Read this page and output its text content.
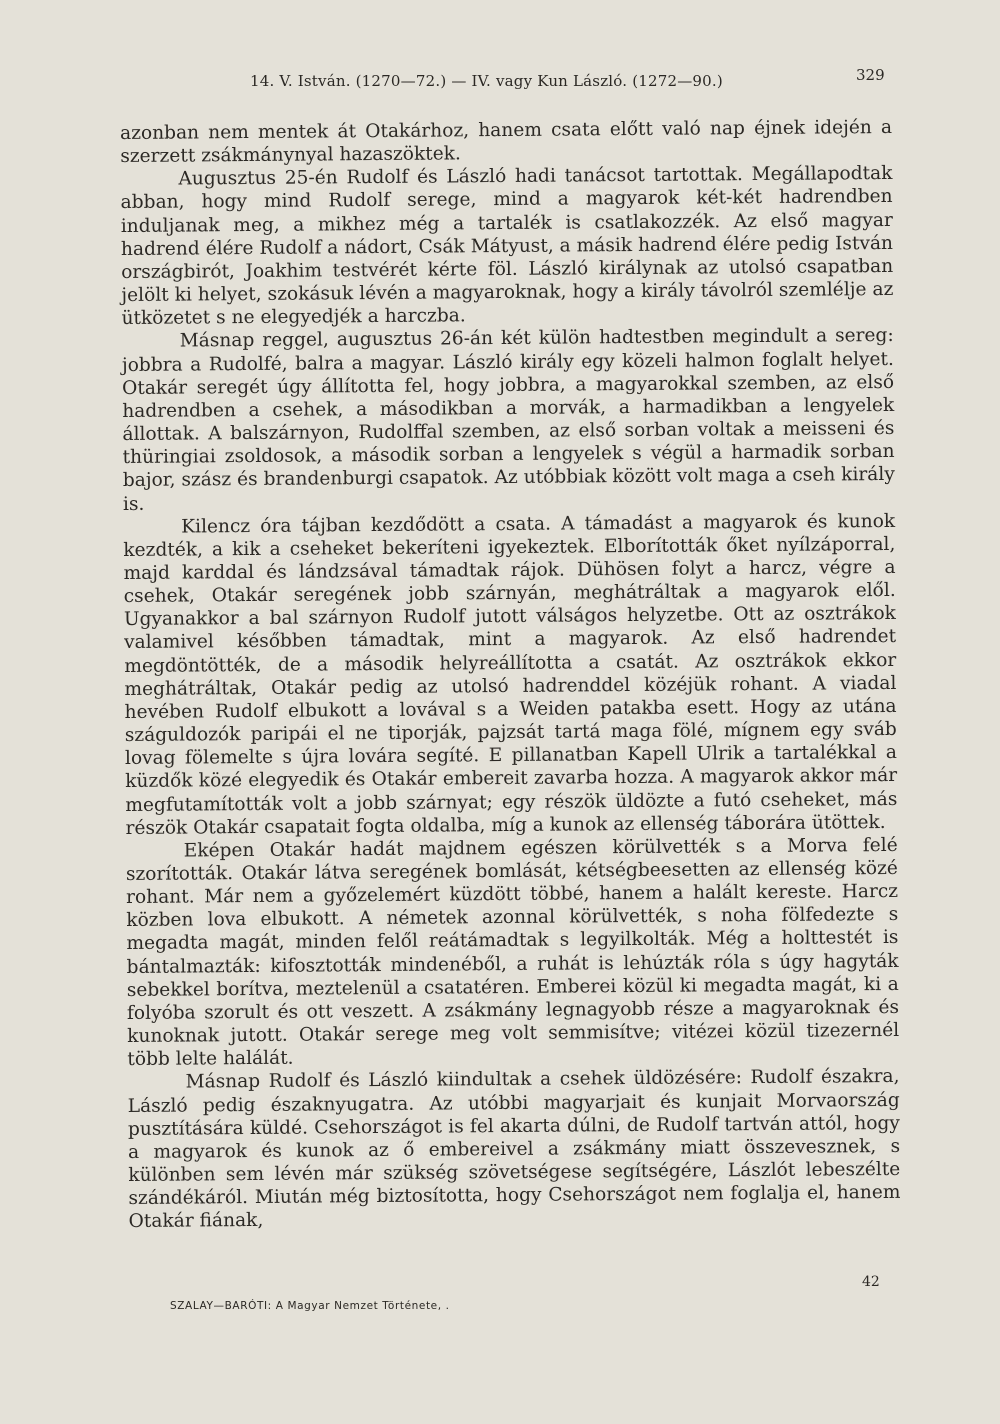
14. V. István. (1270—72.) — IV. vagy Kun László. (1272—90.)	329

azonban nem mentek át Otakárhoz, hanem csata előtt való nap éjnek idején a szerzett zsákmánynyal hazaszöktek.

Augusztus 25-én Rudolf és László hadi tanácsot tartottak. Megállapodtak abban, hogy mind Rudolf serege, mind a magyarok két-két hadrendben induljanak meg, a mikhez még a tartalék is csatlakozzék. Az első magyar hadrend élére Rudolf a nádort, Csák Mátyust, a másik hadrend élére pedig István országbirót, Joakhim testvérét kérte föl. László királynak az utolsó csapatban jelölt ki helyet, szokásuk lévén a magyaroknak, hogy a király távolról szemlélje az ütközetet s ne elegyedjék a harczba.

Másnap reggel, augusztus 26-án két külön hadtestben megindult a sereg: jobbra a Rudolfé, balra a magyar. László király egy közeli halmon foglalt helyet. Otakár seregét úgy állította fel, hogy jobbra, a magyarokkal szemben, az első hadrendben a csehek, a másodikban a morvák, a harmadikban a lengyelek állottak. A balszárnyon, Rudolffal szemben, az első sorban voltak a meisseni és thüringiai zsoldosok, a második sorban a lengyelek s végül a harmadik sorban bajor, szász és brandenburgi csapatok. Az utóbbiak között volt maga a cseh király is.

Kilencz óra tájban kezdődött a csata. A támadást a magyarok és kunok kezdték, a kik a cseheket bekeríteni igyekeztek. Elborították őket nyílzáporral, majd karddal és lándzsával támadtak rájok. Dühösen folyt a harcz, végre a csehek, Otakár seregének jobb szárnyán, meghátráltak a magyarok elől. Ugyanakkor a bal szárnyon Rudolf jutott válságos helyzetbe. Ott az osztrákok valamivel későbben támadtak, mint a magyarok. Az első hadrendet megdöntötték, de a második helyreállította a csatát. Az osztrákok ekkor meghátráltak, Otakár pedig az utolsó hadrenddel közéjük rohant. A viadal hevében Rudolf elbukott a lovával s a Weiden patakba esett. Hogy az utána száguldozók paripái el ne tiporják, pajzsát tartá maga fölé, mígnem egy sváb lovag fölemelte s újra lovára segíté. E pillanatban Kapell Ulrik a tartalékkal a küzdők közé elegyedik és Otakár embereit zavarba hozza. A magyarok akkor már megfutamították volt a jobb szárnyat; egy részök üldözte a futó cseheket, más részök Otakár csapatait fogta oldalba, míg a kunok az ellenség táborára ütöttek.

Eképen Otakár hadát majdnem egészen körülvették s a Morva felé szorították. Otakár látva seregének bomlását, kétségbeesetten az ellenség közé rohant. Már nem a győzelemért küzdött többé, hanem a halált kereste. Harcz közben lova elbukott. A németek azonnal körülvették, s noha fölfedezte s megadta magát, minden felől reátámadtak s legyilkolták. Még a holttestét is bántalmazták: kifosztották mindenéből, a ruhát is lehúzták róla s úgy hagyták sebekkel borítva, meztelenül a csatatéren. Emberei közül ki megadta magát, ki a folyóba szorult és ott veszett. A zsákmány legnagyobb része a magyaroknak és kunoknak jutott. Otakár serege meg volt semmisítve; vitézei közül tizezernél több lelte halálát.

Másnap Rudolf és László kiindultak a csehek üldözésére: Rudolf északra, László pedig északnyugatra. Az utóbbi magyarjait és kunjait Morvaország pusztítására küldé. Csehországot is fel akarta dúlni, de Rudolf tartván attól, hogy a magyarok és kunok az ő embereivel a zsákmány miatt összevesznek, s különben sem lévén már szükség szövetségese segítségére, Lászlót lebeszélte szándékáról. Miután még biztosította, hogy Csehországot nem foglalja el, hanem Otakár fiának,

42
SZALAY—BARÓTI: A Magyar Nemzet Története, .
